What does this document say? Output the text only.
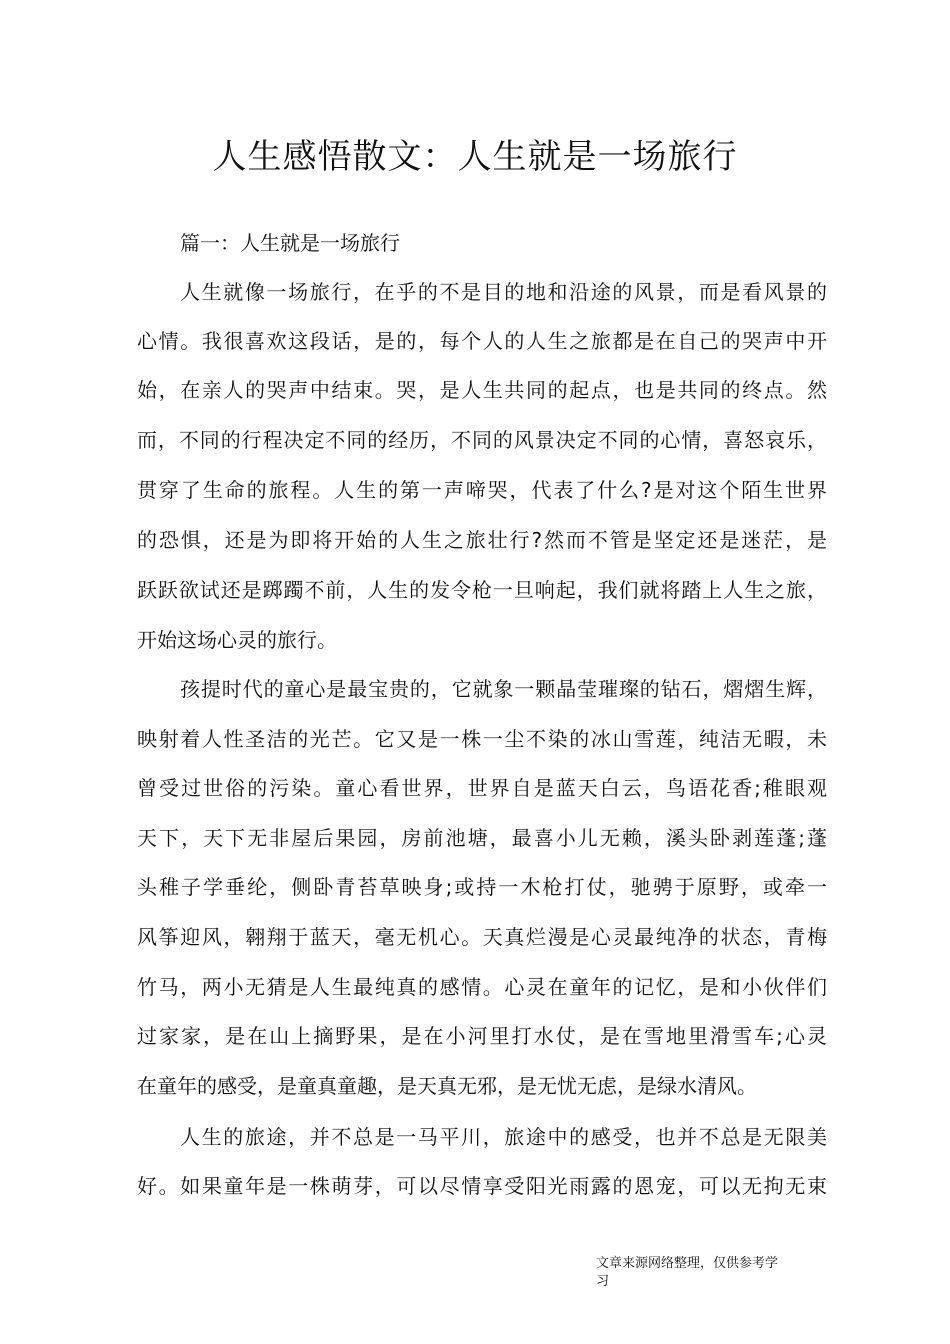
人生感悟散文：人生就是一场旅行

篇一：人生就是一场旅行

人生就像一场旅行，在乎的不是目的地和沿途的风景，而是看风景的

心情。我很喜欢这段话，是的，每个人的人生之旅都是在自己的哭声中开

始，在亲人的哭声中结束。哭，是人生共同的起点，也是共同的终点。然

而，不同的行程决定不同的经历，不同的风景决定不同的心情，喜怒哀乐，

贯穿了生命的旅程。人生的第一声啼哭，代表了什么?是对这个陌生世界

的恐惧，还是为即将开始的人生之旅壮行?然而不管是坚定还是迷茫，是

跃跃欲试还是踯躅不前，人生的发令枪一旦响起，我们就将踏上人生之旅，

开始这场心灵的旅行。

孩提时代的童心是最宝贵的，它就象一颗晶莹璀璨的钻石，熠熠生辉，

映射着人性圣洁的光芒。它又是一株一尘不染的冰山雪莲，纯洁无暇，未

曾受过世俗的污染。童心看世界，世界自是蓝天白云，鸟语花香;稚眼观

天下，天下无非屋后果园，房前池塘，最喜小儿无赖，溪头卧剥莲蓬;蓬

头稚子学垂纶，侧卧青苔草映身;或持一木枪打仗，驰骋于原野，或牵一

风筝迎风，翱翔于蓝天，毫无机心。天真烂漫是心灵最纯净的状态，青梅

竹马，两小无猜是人生最纯真的感情。心灵在童年的记忆，是和小伙伴们

过家家，是在山上摘野果，是在小河里打水仗，是在雪地里滑雪车;心灵

在童年的感受，是童真童趣，是天真无邪，是无忧无虑，是绿水清风。

人生的旅途，并不总是一马平川，旅途中的感受，也并不总是无限美

好。如果童年是一株萌芽，可以尽情享受阳光雨露的恩宠，可以无拘无束

文章来源网络整理，仅供参考学
习
